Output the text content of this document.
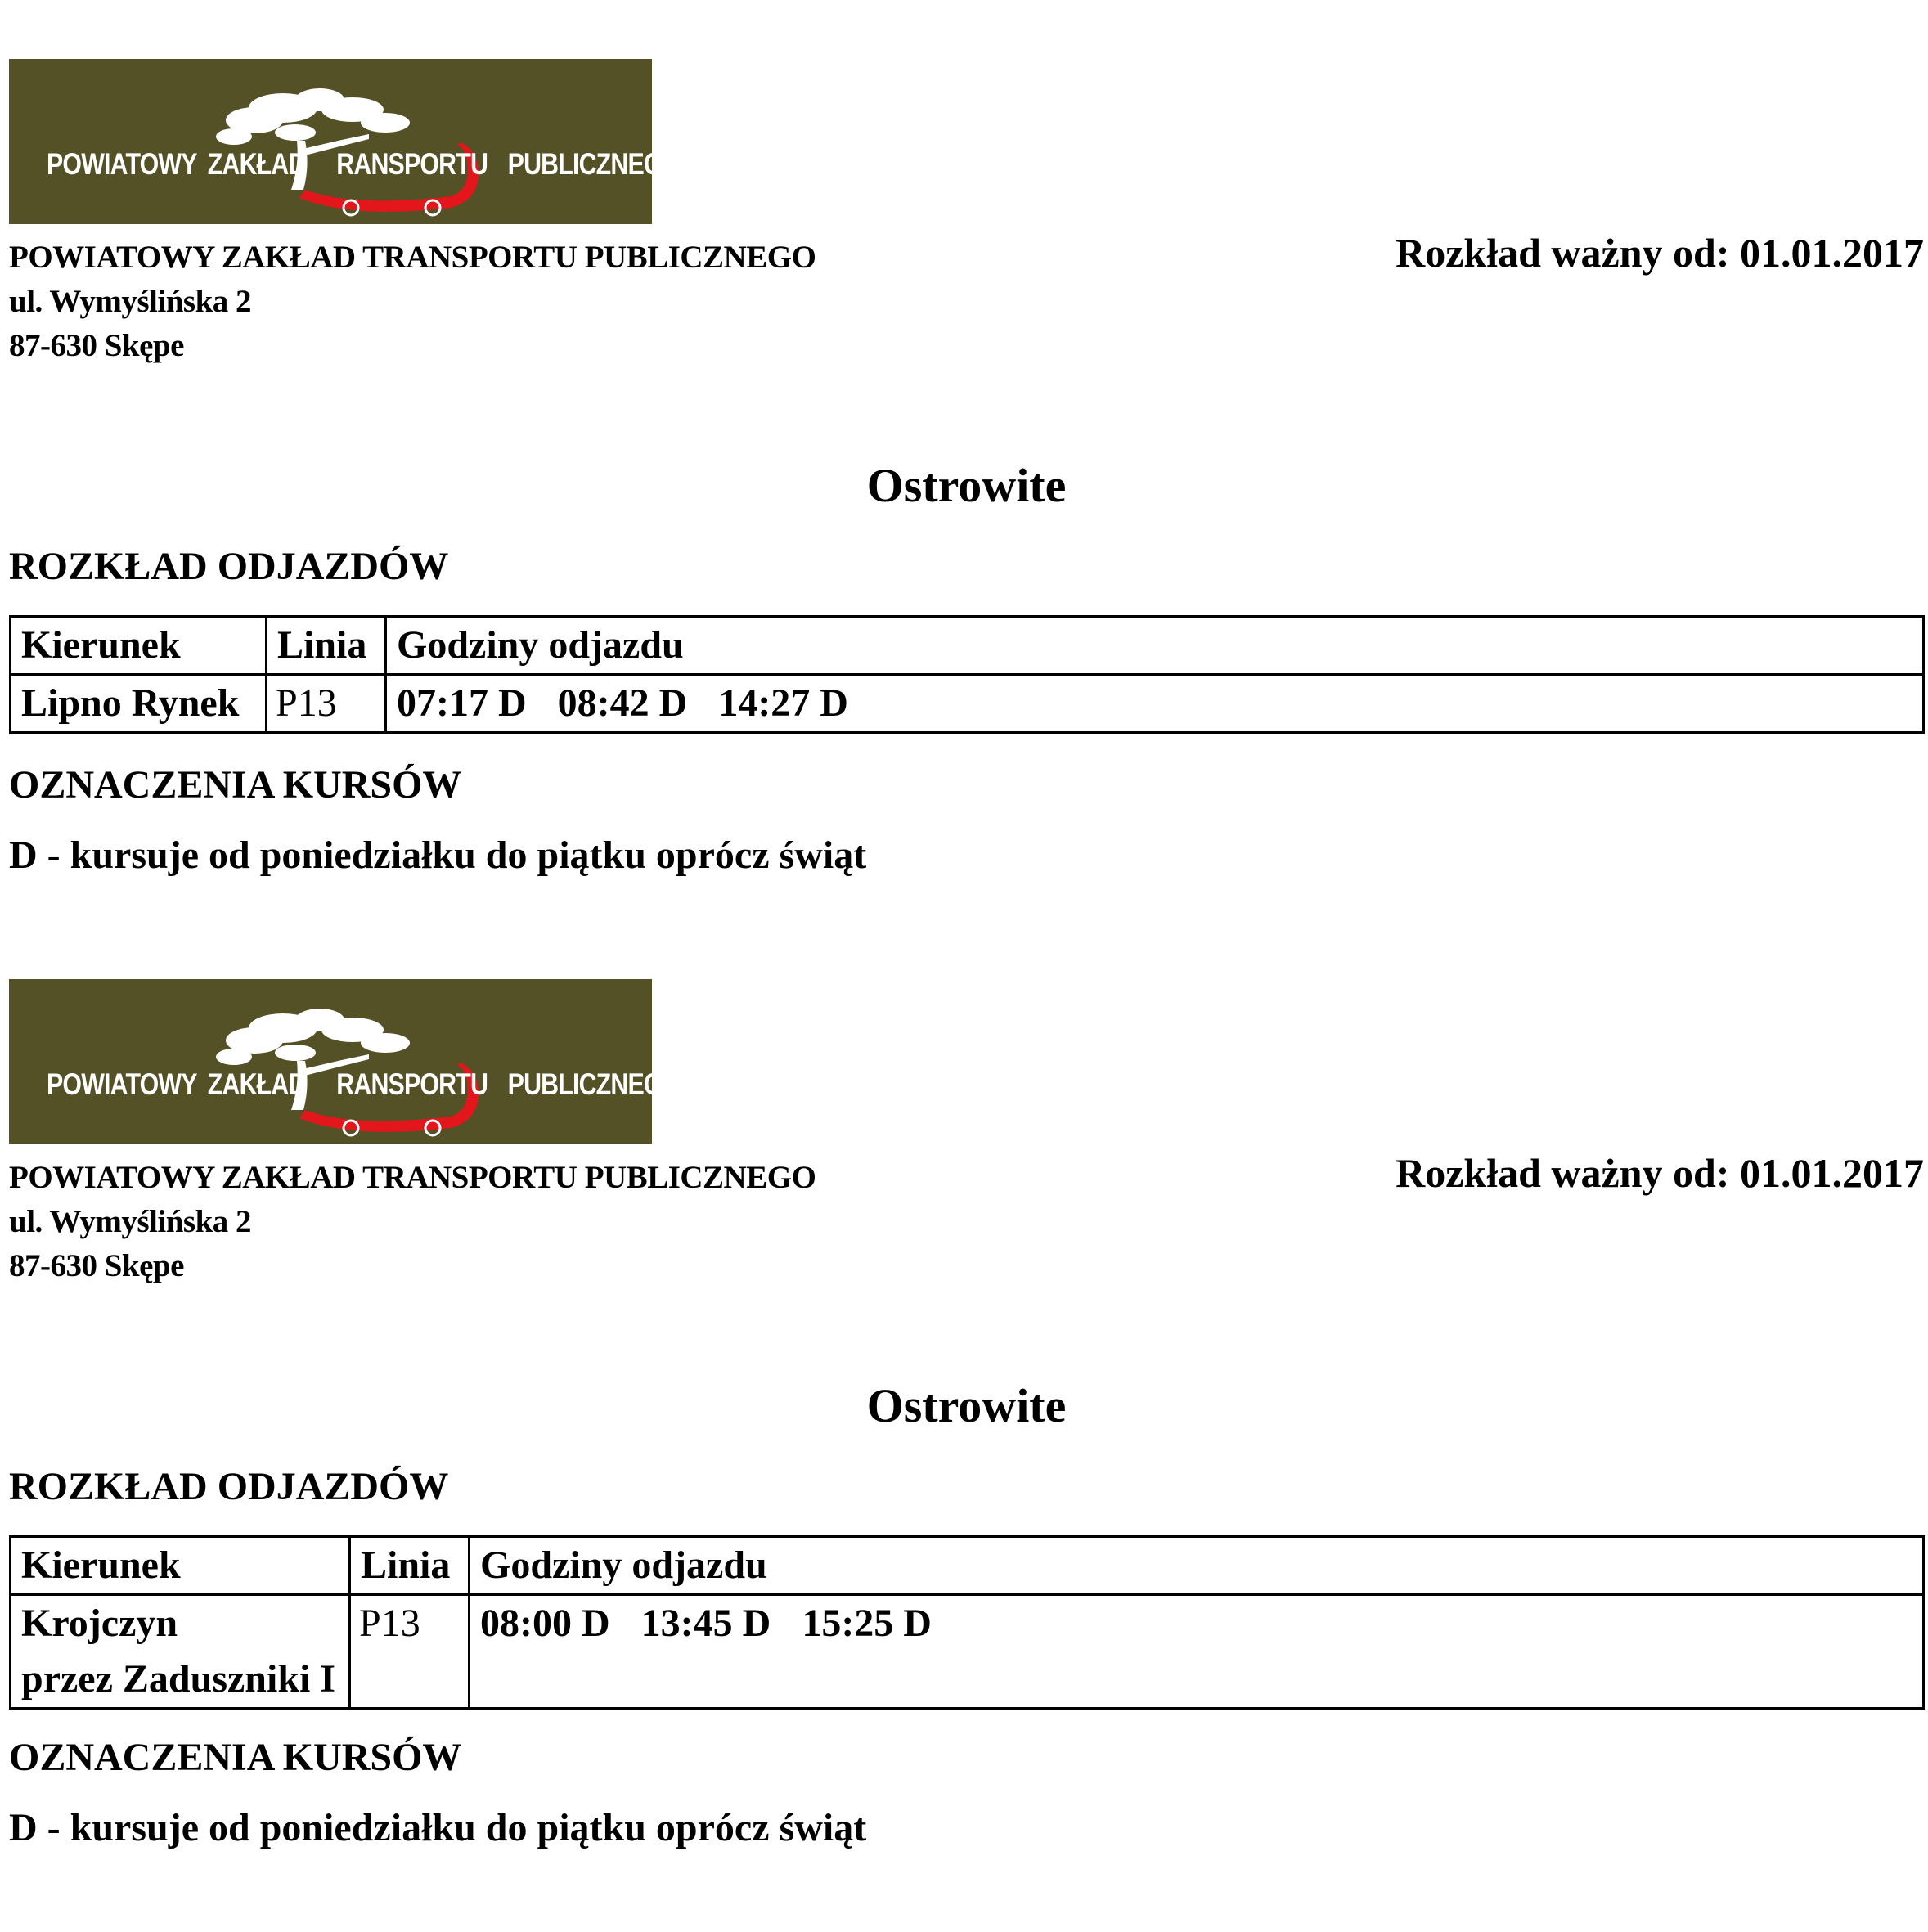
POWIATOWY ZAKŁAD RANSPORTU PUBLICZNEGO
POWIATOWY ZAKŁAD TRANSPORTU PUBLICZNEGO
ul. Wymyślińska 2
87-630 Skępe
Rozkład ważny od: 01.01.2017
Ostrowite
ROZKŁAD ODJAZDÓW
Kierunek	Linia	Godziny odjazdu
Lipno Rynek	P13	07:17 D 08:42 D 14:27 D
OZNACZENIA KURSÓW
D - kursuje od poniedziałku do piątku oprócz świąt
POWIATOWY ZAKŁAD RANSPORTU PUBLICZNEGO
POWIATOWY ZAKŁAD TRANSPORTU PUBLICZNEGO
ul. Wymyślińska 2
87-630 Skępe
Rozkład ważny od: 01.01.2017
Ostrowite
ROZKŁAD ODJAZDÓW
Kierunek	Linia	Godziny odjazdu

Krojczyn
przez Zaduszniki I	P13	08:00 D 13:45 D 15:25 D
OZNACZENIA KURSÓW
D - kursuje od poniedziałku do piątku oprócz świąt
